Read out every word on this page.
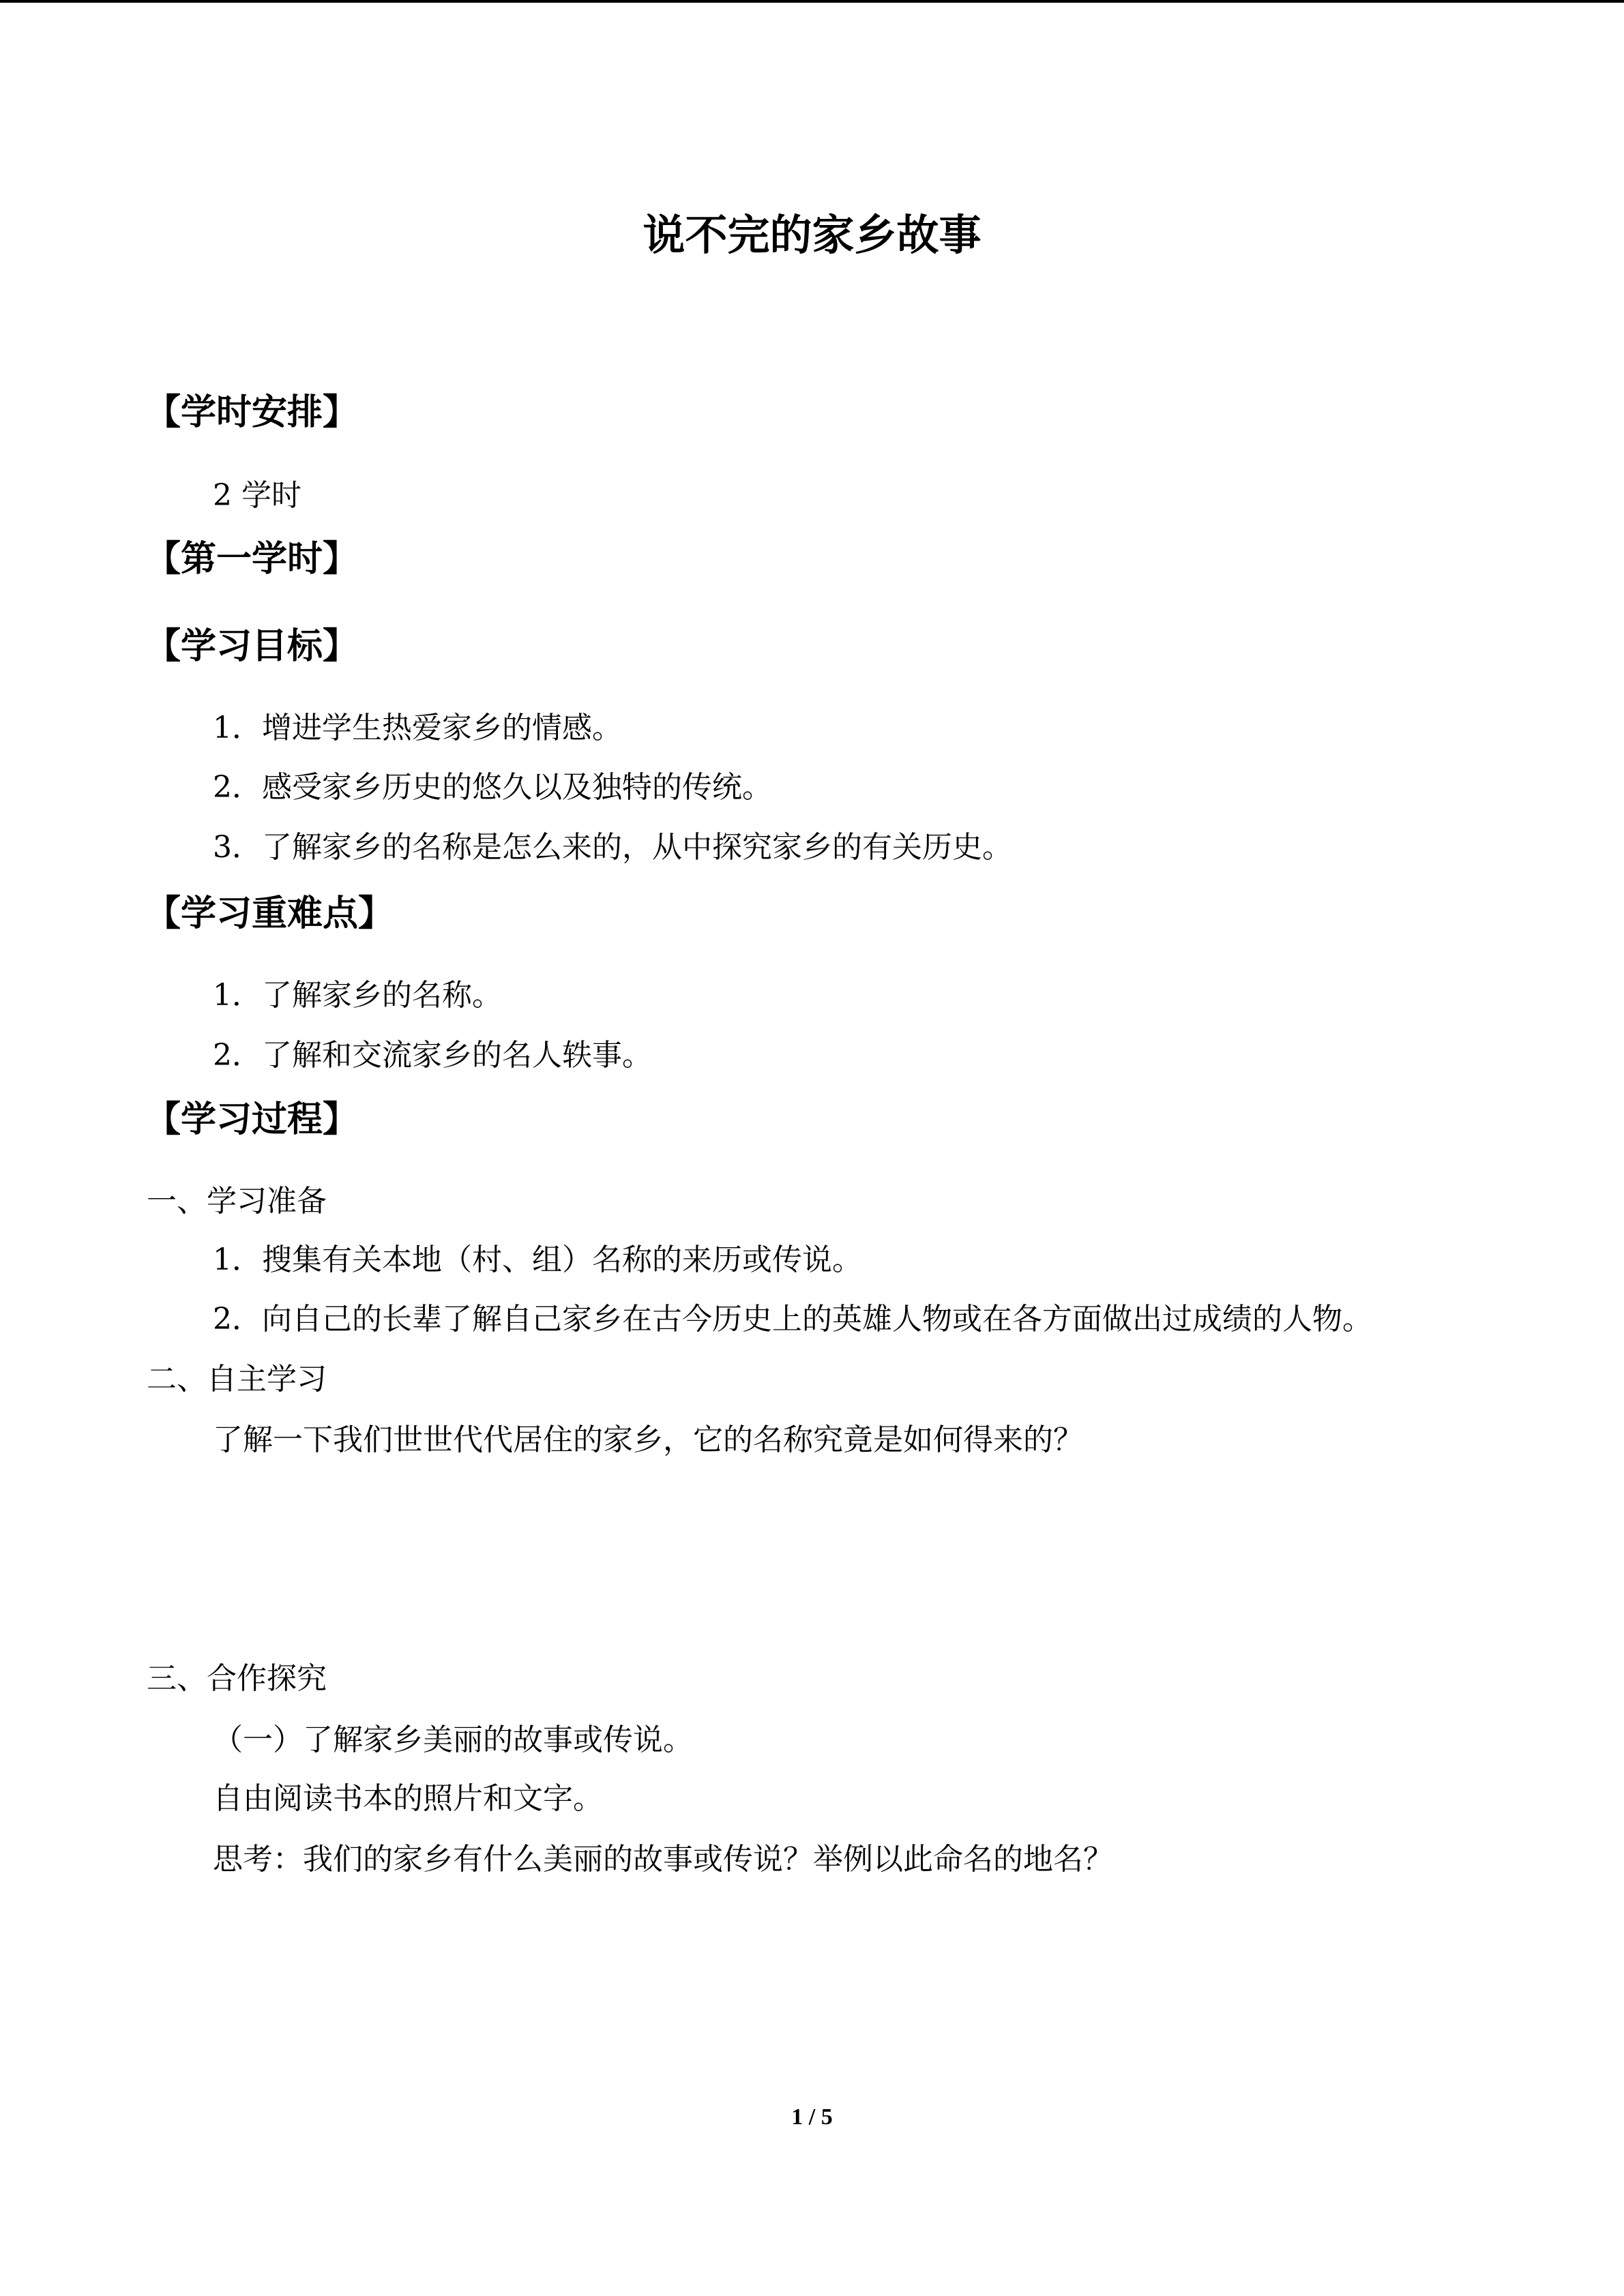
说不完的家乡故事
【学时安排】
2 学时
【第一学时】
【学习目标】
1．增进学生热爱家乡的情感。
2．感受家乡历史的悠久以及独特的传统。
3．了解家乡的名称是怎么来的，从中探究家乡的有关历史。
【学习重难点】
1．了解家乡的名称。
2．了解和交流家乡的名人轶事。
【学习过程】
一、学习准备
1．搜集有关本地（村、组）名称的来历或传说。
2．向自己的长辈了解自己家乡在古今历史上的英雄人物或在各方面做出过成绩的人物。
二、自主学习
了解一下我们世世代代居住的家乡，它的名称究竟是如何得来的？
三、合作探究
（一）了解家乡美丽的故事或传说。
自由阅读书本的照片和文字。
思考：我们的家乡有什么美丽的故事或传说？举例以此命名的地名？
1 / 5
